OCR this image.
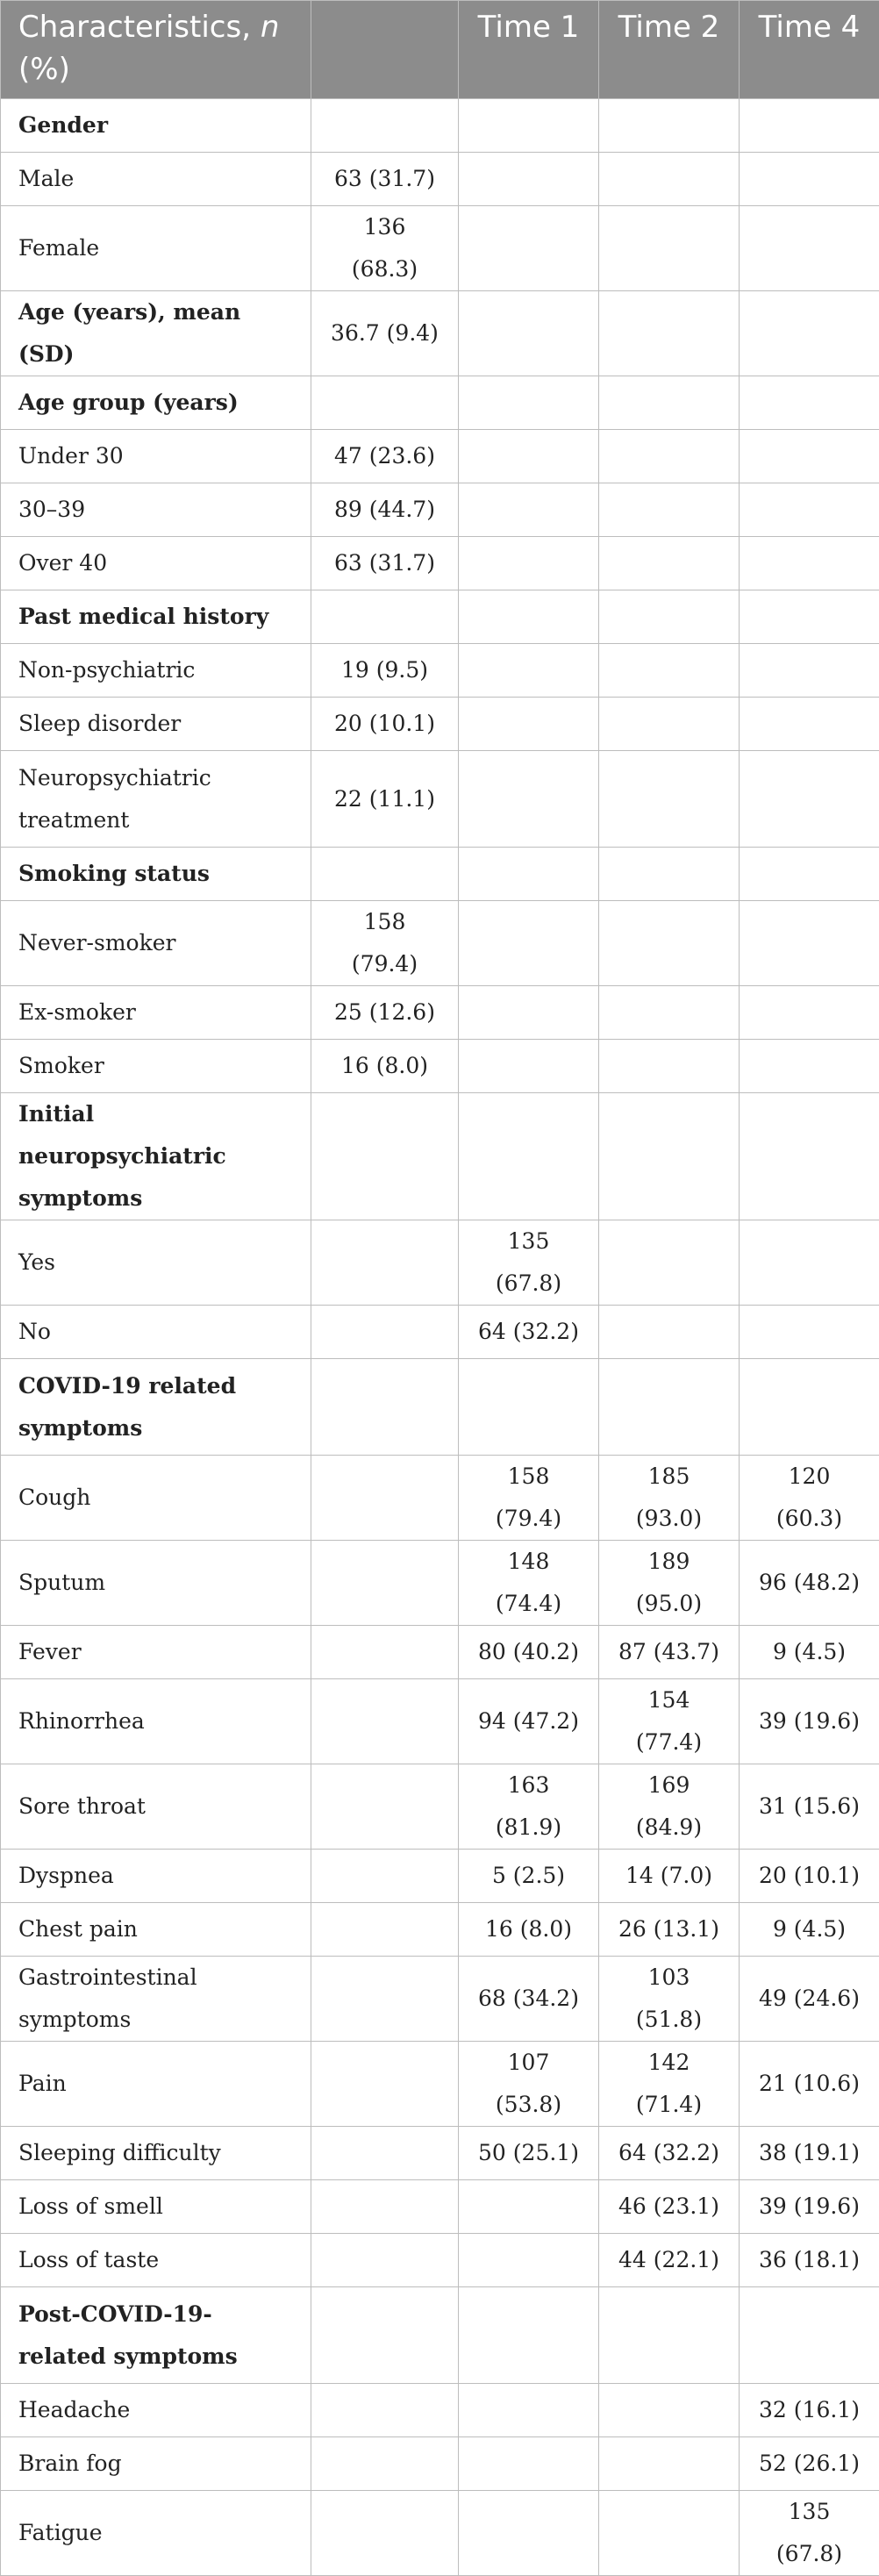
Characteristics, n
(%)		Time 1	Time 2	Time 4
Gender				
Male	63 (31.7)			
Female	136 (68.3)			
Age (years), mean (SD)	36.7 (9.4)			
Age group (years)				
Under 30	47 (23.6)			
30–39	89 (44.7)			
Over 40	63 (31.7)			
Past medical history				
Non-psychiatric	19 (9.5)			
Sleep disorder	20 (10.1)			
Neuropsychiatric treatment	22 (11.1)			
Smoking status				
Never-smoker	158 (79.4)			
Ex-smoker	25 (12.6)			
Smoker	16 (8.0)			
Initial neuropsychiatric symptoms				
Yes		135 (67.8)		
No		64 (32.2)		
COVID-19 related symptoms				
Cough		158 (79.4)	185 (93.0)	120 (60.3)
Sputum		148 (74.4)	189 (95.0)	96 (48.2)
Fever		80 (40.2)	87 (43.7)	9 (4.5)
Rhinorrhea		94 (47.2)	154 (77.4)	39 (19.6)
Sore throat		163 (81.9)	169 (84.9)	31 (15.6)
Dyspnea		5 (2.5)	14 (7.0)	20 (10.1)
Chest pain		16 (8.0)	26 (13.1)	9 (4.5)
Gastrointestinal symptoms		68 (34.2)	103 (51.8)	49 (24.6)
Pain		107 (53.8)	142 (71.4)	21 (10.6)
Sleeping difficulty		50 (25.1)	64 (32.2)	38 (19.1)
Loss of smell			46 (23.1)	39 (19.6)
Loss of taste			44 (22.1)	36 (18.1)
Post-COVID-19-related symptoms				
Headache				32 (16.1)
Brain fog				52 (26.1)
Fatigue				135 (67.8)
